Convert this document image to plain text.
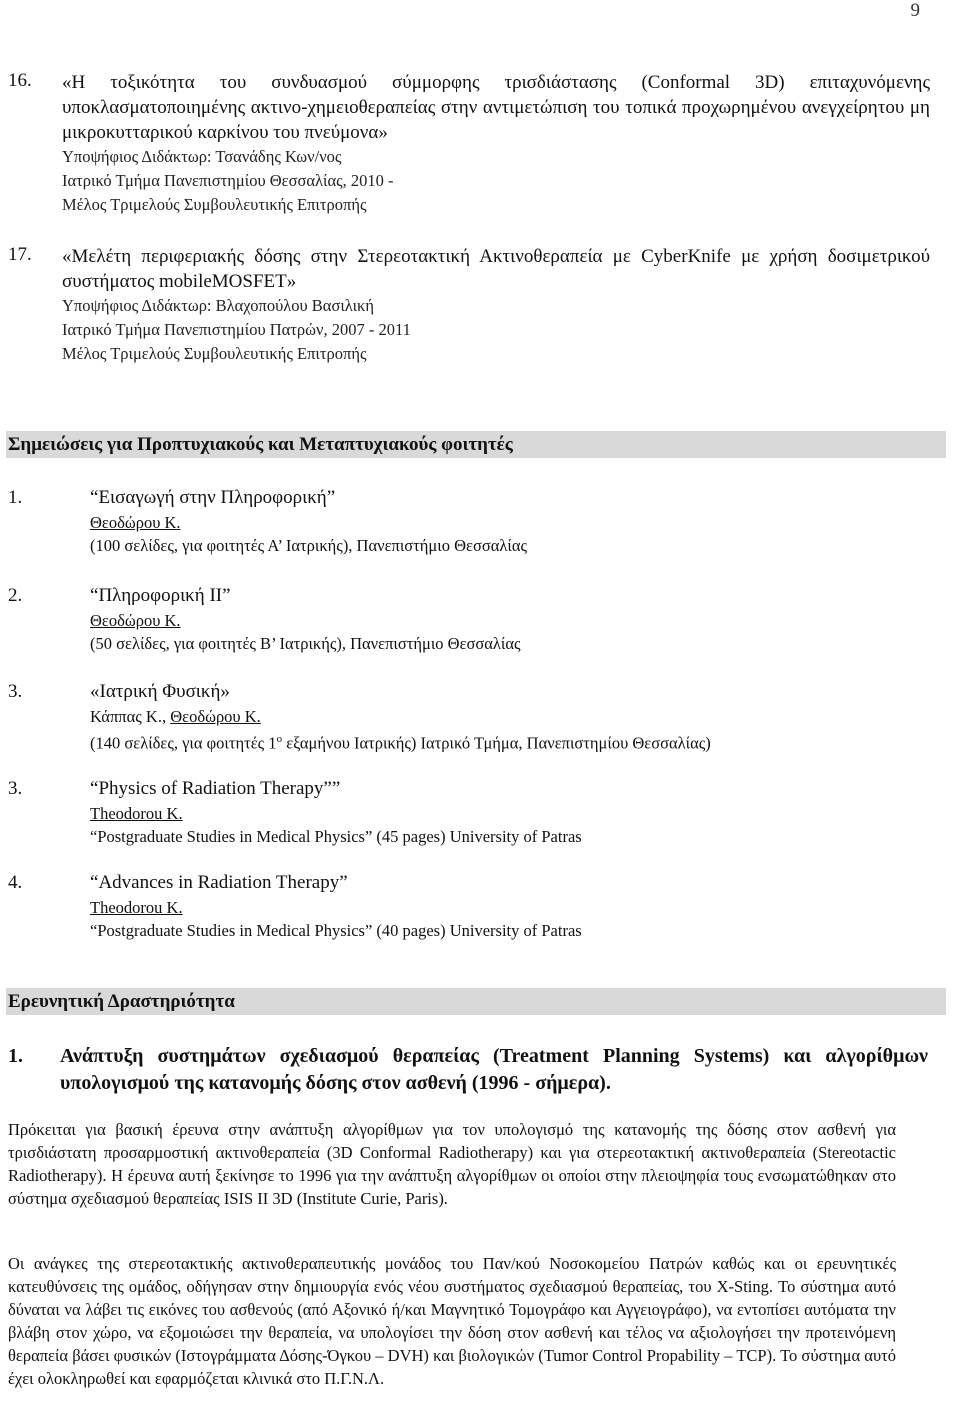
9
16. «Η τοξικότητα του συνδυασμού σύμμορφης τρισδιάστασης (Conformal 3D) επιταχυνόμενης υποκλασματοποιημένης ακτινο-χημειοθεραπείας στην αντιμετώπιση του τοπικά προχωρημένου ανεγχείρητου μη μικροκυτταρικού καρκίνου του πνεύμονα»
Υποψήφιος Διδάκτωρ: Τσανάδης Κων/νος
Ιατρικό Τμήμα Πανεπιστημίου Θεσσαλίας, 2010 -
Μέλος Τριμελούς Συμβουλευτικής Επιτροπής
17. «Μελέτη περιφεριακής δόσης στην Στερεοτακτική Ακτινοθεραπεία με CyberKnife με χρήση δοσιμετρικού συστήματος mobileMOSFET»
Υποψήφιος Διδάκτωρ: Βλαχοπούλου Βασιλική
Ιατρικό Τμήμα Πανεπιστημίου Πατρών, 2007 - 2011
Μέλος Τριμελούς Συμβουλευτικής Επιτροπής
Σημειώσεις για Προπτυχιακούς και Μεταπτυχιακούς φοιτητές
1.	“Εισαγωγή στην Πληροφορική”
Θεοδώρου Κ.
(100 σελίδες, για φοιτητές Α’ Ιατρικής), Πανεπιστήμιο Θεσσαλίας
2.	“Πληροφορική ΙΙ”
Θεοδώρου Κ.
(50 σελίδες, για φοιτητές Β’ Ιατρικής), Πανεπιστήμιο Θεσσαλίας
3.	«Ιατρική Φυσική»
Κάππας Κ., Θεοδώρου Κ.
(140 σελίδες, για φοιτητές $1^o$ εξαμήνου Ιατρικής) Ιατρικό Τμήμα, Πανεπιστημίου Θεσσαλίας)
3.	“Physics of Radiation Therapy””
Theodorou K.
“Postgraduate Studies in Medical Physics” (45 pages) University of Patras
4.	“Advances in Radiation Therapy”
Theodorou K.
“Postgraduate Studies in Medical Physics” (40 pages) University of Patras
Ερευνητική Δραστηριότητα
1. Ανάπτυξη συστημάτων σχεδιασμού θεραπείας (Treatment Planning Systems) και αλγορίθμων υπολογισμού της κατανομής δόσης στον ασθενή (1996 - σήμερα).
Πρόκειται για βασική έρευνα στην ανάπτυξη αλγορίθμων για τον υπολογισμό της κατανομής της δόσης στον ασθενή για τρισδιάστατη προσαρμοστική ακτινοθεραπεία (3D Conformal Radiotherapy) και για στερεοτακτική ακτινοθεραπεία (Stereotactic Radiotherapy). Η έρευνα αυτή ξεκίνησε το 1996 για την ανάπτυξη αλγορίθμων οι οποίοι στην πλειοψηφία τους ενσωματώθηκαν στο σύστημα σχεδιασμού θεραπείας ISIS II 3D (Institute Curie, Paris).
Οι ανάγκες της στερεοτακτικής ακτινοθεραπευτικής μονάδος του Παν/κού Νοσοκομείου Πατρών καθώς και οι ερευνητικές κατευθύνσεις της ομάδος, οδήγησαν στην δημιουργία ενός νέου συστήματος σχεδιασμού θεραπείας, του X-Sting. Το σύστημα αυτό δύναται να λάβει τις εικόνες του ασθενούς (από Αξονικό ή/και Μαγνητικό Τομογράφο και Αγγειογράφο), να εντοπίσει αυτόματα την βλάβη στον χώρο, να εξομοιώσει την θεραπεία, να υπολογίσει την δόση στον ασθενή και τέλος να αξιολογήσει την προτεινόμενη θεραπεία βάσει φυσικών (Ιστογράμματα Δόσης-Όγκου – DVH) και βιολογικών (Tumor Control Propability – TCP). Το σύστημα αυτό έχει ολοκληρωθεί και εφαρμόζεται κλινικά στο Π.Γ.Ν.Λ.
